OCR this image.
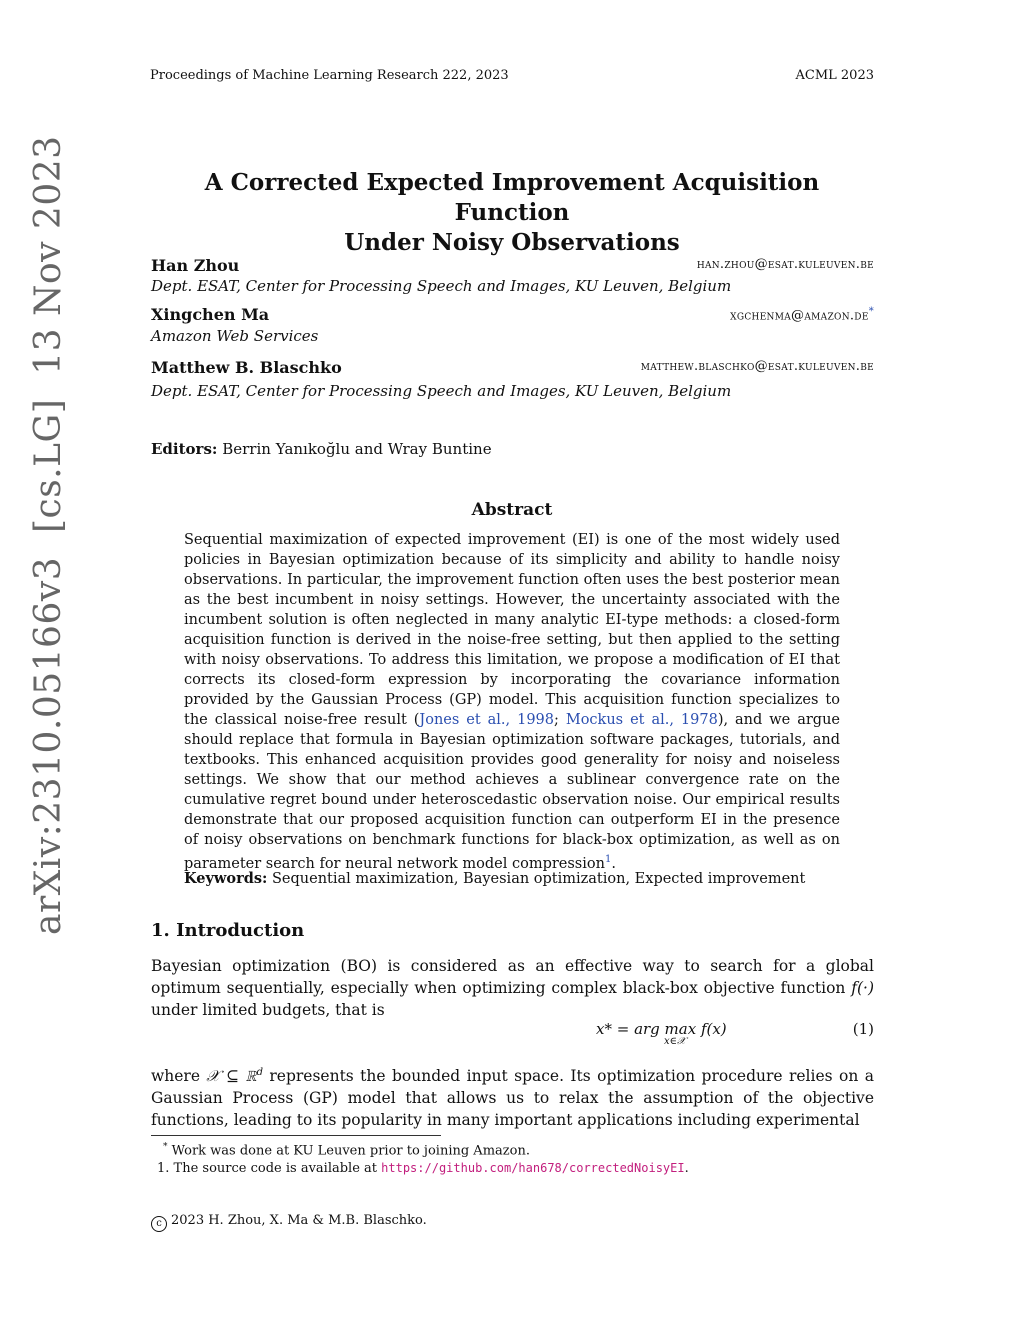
Proceedings of Machine Learning Research 222, 2023	ACML 2023
arXiv:2310.05166v3  [cs.LG]  13 Nov 2023	A Corrected Expected Improvement Acquisition Function
Under Noisy Observations
Han Zhou	han.zhou@esat.kuleuven.be
Dept. ESAT, Center for Processing Speech and Images, KU Leuven, Belgium
Xingchen Ma	xgchenma@amazon.de*
Amazon Web Services
Matthew B. Blaschko	matthew.blaschko@esat.kuleuven.be
Dept. ESAT, Center for Processing Speech and Images, KU Leuven, Belgium
Editors: Berrin Yanıkoğlu and Wray Buntine
Abstract
Sequential maximization of expected improvement (EI) is one of the most widely used policies in Bayesian optimization because of its simplicity and ability to handle noisy observations. In particular, the improvement function often uses the best posterior mean as the best incumbent in noisy settings. However, the uncertainty associated with the incumbent solution is often neglected in many analytic EI-type methods: a closed-form acquisition function is derived in the noise-free setting, but then applied to the setting with noisy observations. To address this limitation, we propose a modification of EI that corrects its closed-form expression by incorporating the covariance information provided by the Gaussian Process (GP) model. This acquisition function specializes to the classical noise-free result (Jones et al., 1998; Mockus et al., 1978), and we argue should replace that formula in Bayesian optimization software packages, tutorials, and textbooks. This enhanced acquisition provides good generality for noisy and noiseless settings. We show that our method achieves a sublinear convergence rate on the cumulative regret bound under heteroscedastic observation noise. Our empirical results demonstrate that our proposed acquisition function can outperform EI in the presence of noisy observations on benchmark functions for black-box optimization, as well as on parameter search for neural network model compression$^1$.
Keywords: Sequential maximization, Bayesian optimization, Expected improvement
1. Introduction
Bayesian optimization (BO) is considered as an effective way to search for a global optimum sequentially, especially when optimizing complex black-box objective function f(·) under limited budgets, that is
x* = arg max f(x)
x∈𝒳
(1)
where 𝒳 ⊆ ℝ$^d$ represents the bounded input space. Its optimization procedure relies on a Gaussian Process (GP) model that allows us to relax the assumption of the objective functions, leading to its popularity in many important applications including experimental
* Work was done at KU Leuven prior to joining Amazon.
1. The source code is available at https://github.com/han678/correctedNoisyEI.
c 2023 H. Zhou, X. Ma & M.B. Blaschko.
